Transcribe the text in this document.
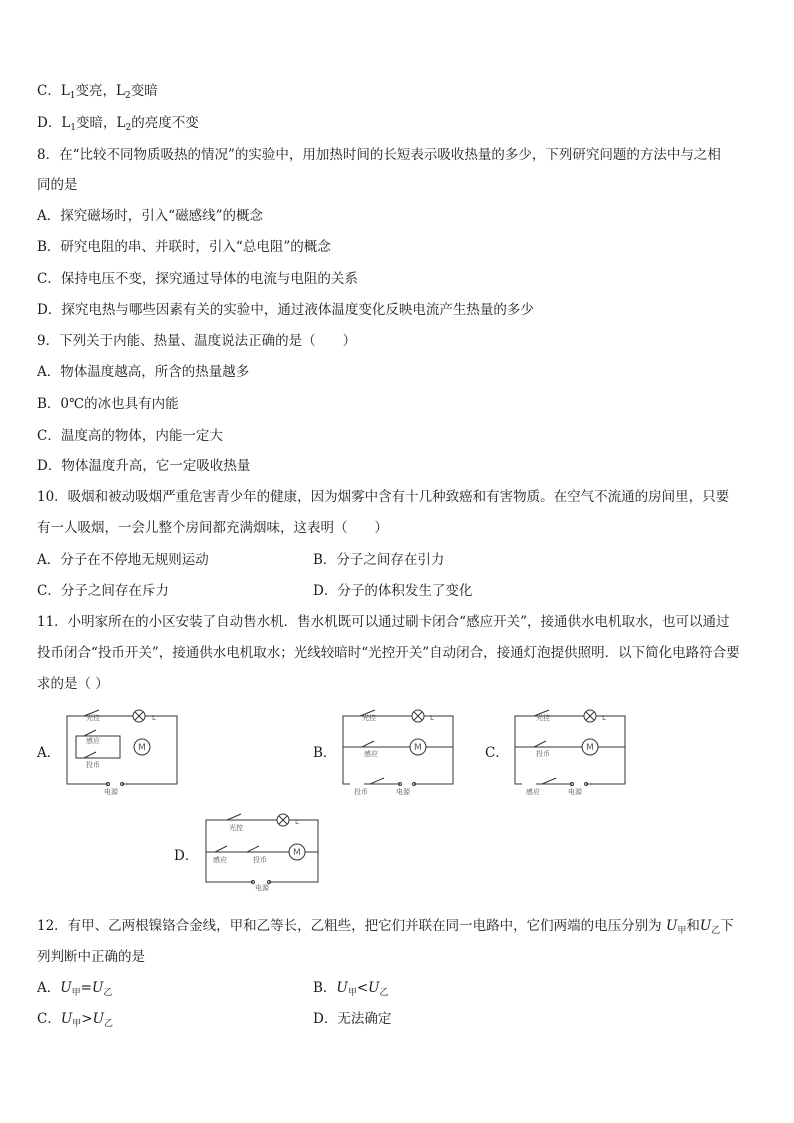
C．$L_1$变亮，$L_2$变暗
D．$L_1$变暗，$L_2$的亮度不变
8．在“比较不同物质吸热的情况”的实验中，用加热时间的长短表示吸收热量的多少，下列研究问题的方法中与之相
同的是
A．探究磁场时，引入“磁感线”的概念
B．研究电阻的串、并联时，引入“总电阻”的概念
C．保持电压不变，探究通过导体的电流与电阻的关系
D．探究电热与哪些因素有关的实验中，通过液体温度变化反映电流产生热量的多少
9．下列关于内能、热量、温度说法正确的是（　　）
A．物体温度越高，所含的热量越多
B．0℃的冰也具有内能
C．温度高的物体，内能一定大
D．物体温度升高，它一定吸收热量
10．吸烟和被动吸烟严重危害青少年的健康，因为烟雾中含有十几种致癌和有害物质。在空气不流通的房间里，只要
有一人吸烟，一会儿整个房间都充满烟味，这表明（　　）
A．分子在不停地无规则运动	B．分子之间存在引力
C．分子之间存在斥力	D．分子的体积发生了变化
11．小明家所在的小区安装了自动售水机．售水机既可以通过刷卡闭合“感应开关”，接通供水电机取水，也可以通过
投币闭合“投币开关”，接通供水电机取水；光线较暗时“光控开关”自动闭合，接通灯泡提供照明．以下简化电路符合要
求的是（ ）
A．
光控	L
感应
投币
M
电源
B．
光控	L
感应
M
投币	电源
C．
光控	L
投币
M
感应	电源
D．
光控
L
感应	投币
M
电源
12．有甲、乙两根镍铬合金线，甲和乙等长，乙粗些，把它们并联在同一电路中，它们两端的电压分别为 $U_甲$和$U_乙$下
列判断中正确的是
A．$U_甲=U_乙$	B．$U_甲<U_乙$
C．$U_甲>U_乙$	D．无法确定
